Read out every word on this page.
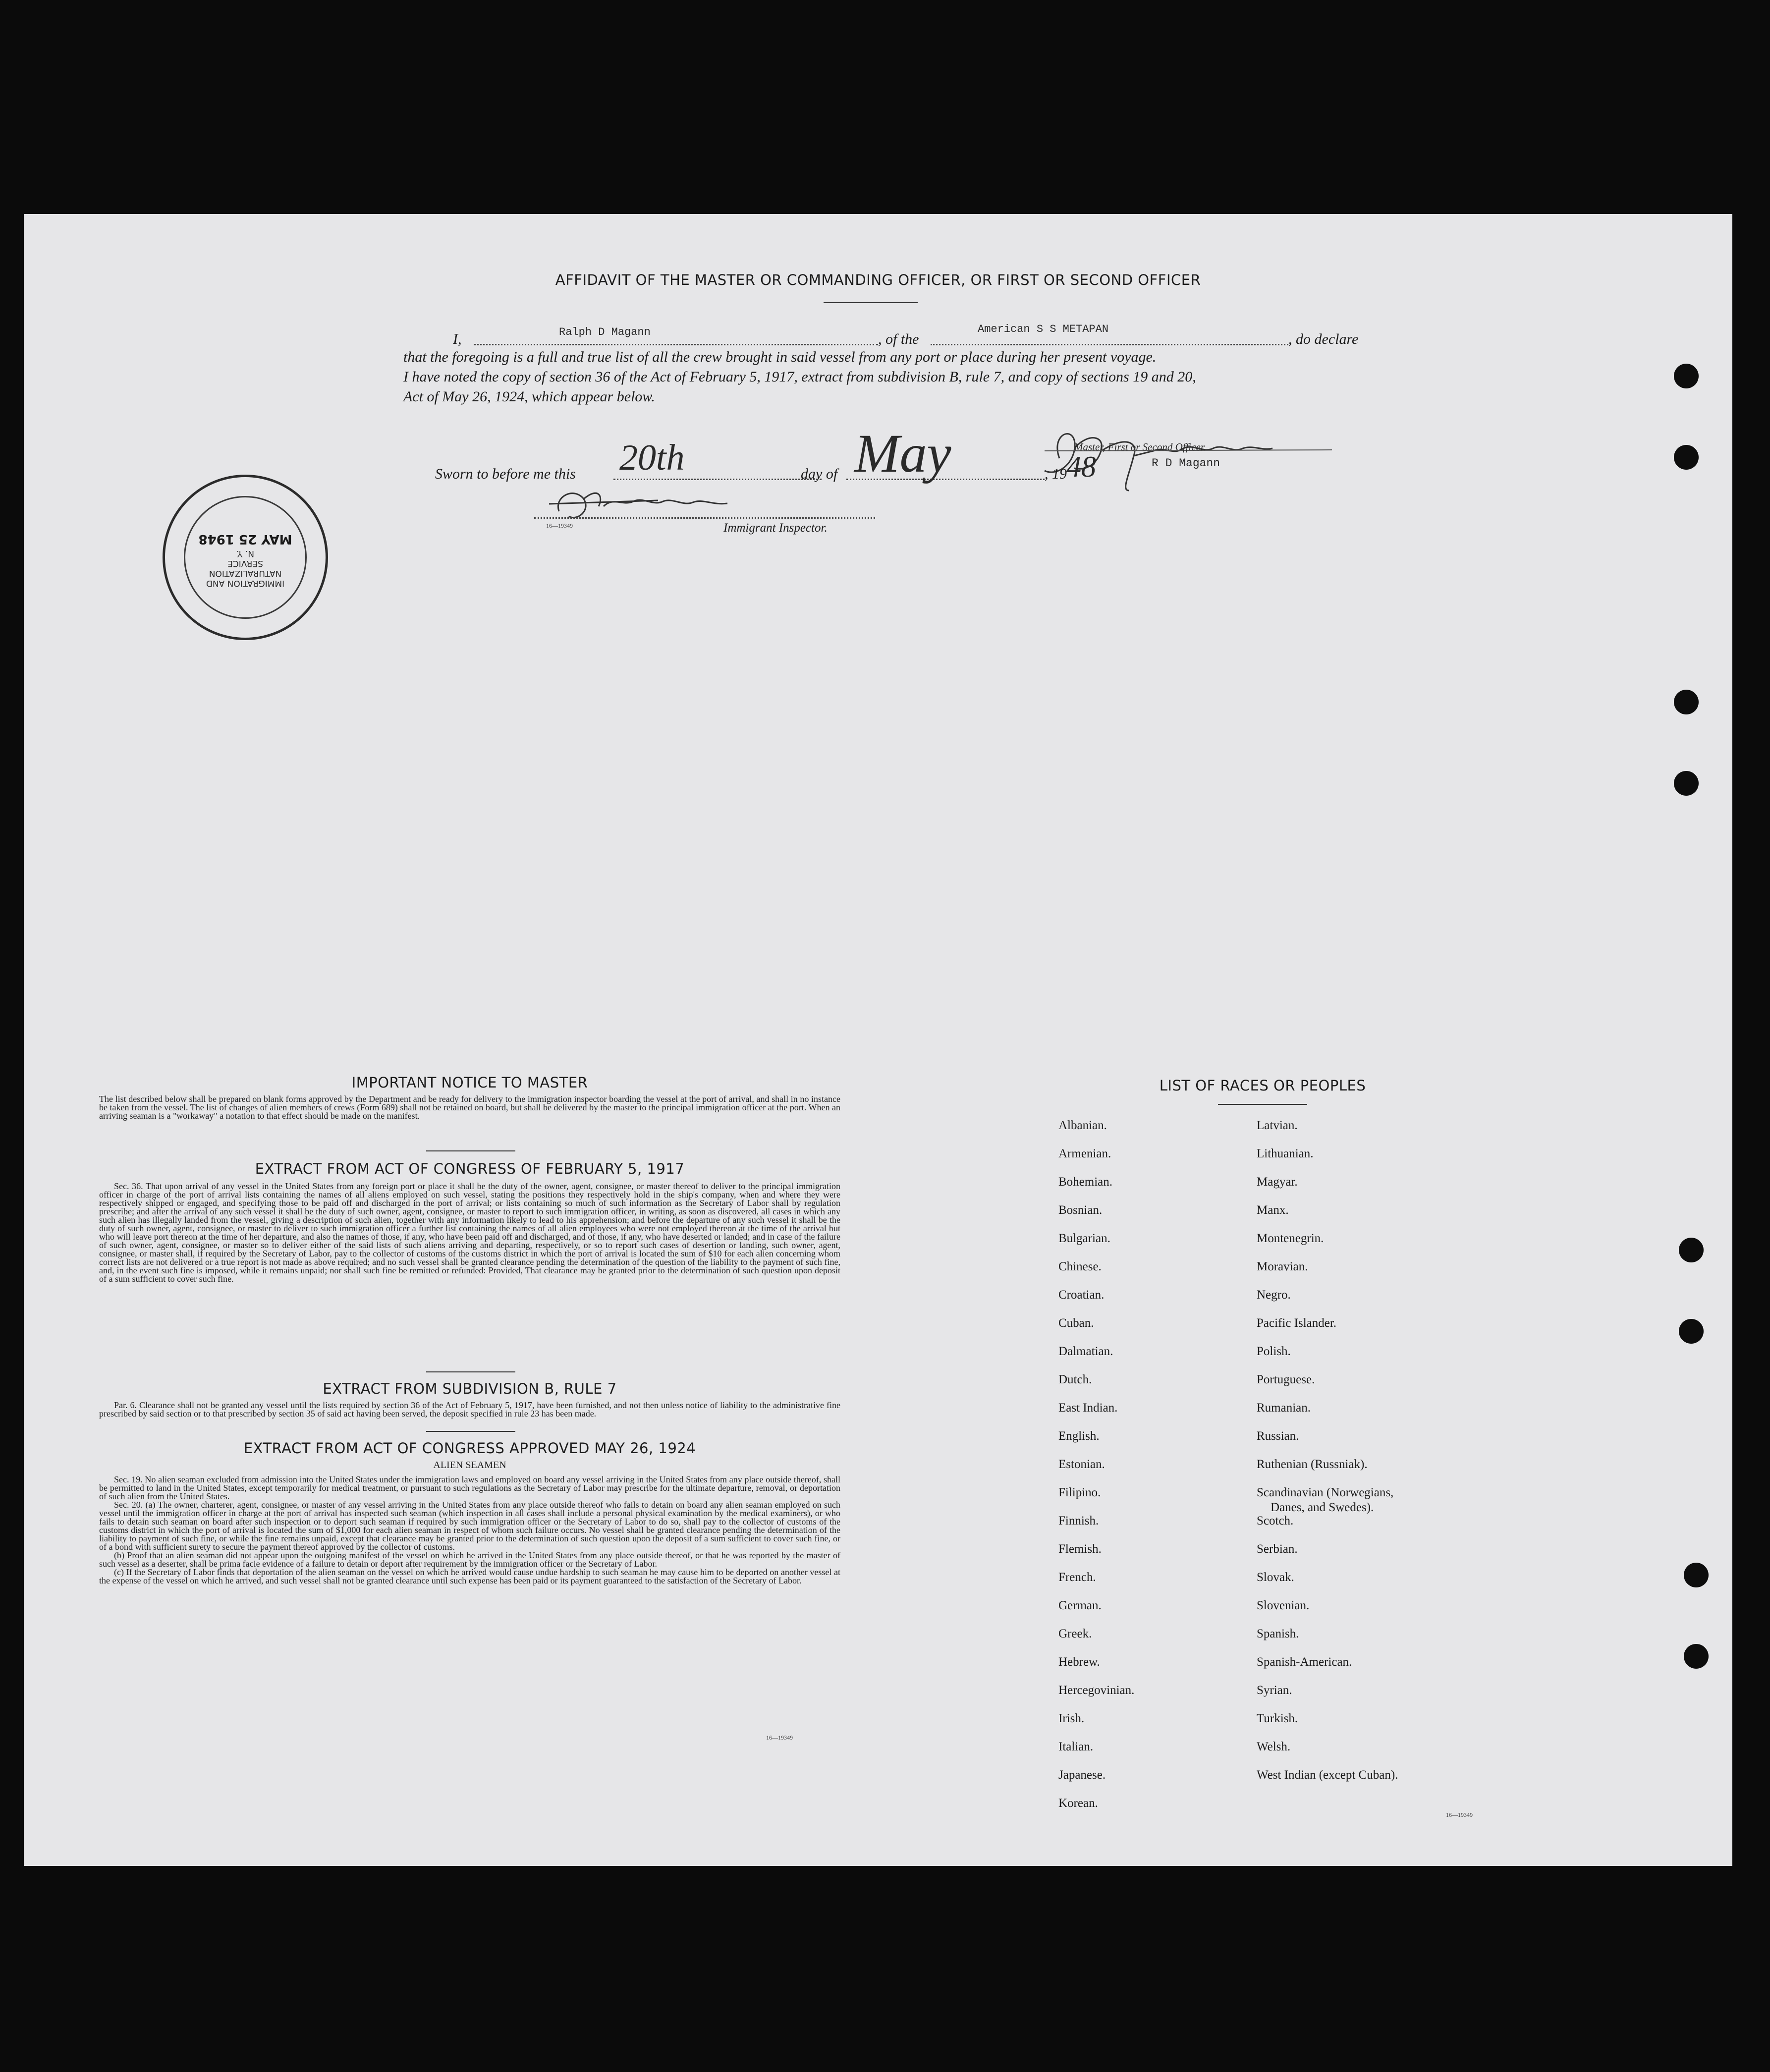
AFFIDAVIT OF THE MASTER OR COMMANDING OFFICER, OR FIRST OR SECOND OFFICER
I,	Ralph D Magann	, of the
American S S METAPAN
, do declare
that the foregoing is a full and true list of all the crew brought in said vessel from any port or place during her present voyage.
I have noted the copy of section 36 of the Act of February 5, 1917, extract from subdivision B, rule 7, and copy of sections 19 and 20,
Act of May 26, 1924, which appear below.
Master, First or Second Officer.
R D Magann
Sworn to before me this 20th	day of May	, 19 48
16—19349	Immigrant Inspector.
IMMIGRATION AND
NATURALIZATION
SERVICE
N. Y.
MAY 25 1948
IMPORTANT NOTICE TO MASTER
The list described below shall be prepared on blank forms approved by the Department and be ready for delivery to the immigration inspector boarding the vessel at the port of arrival, and shall in no instance be taken from the vessel. The list of changes of alien members of crews (Form 689) shall not be retained on board, but shall be delivered by the master to the principal immigration officer at the port. When an arriving seaman is a "workaway" a notation to that effect should be made on the manifest.
EXTRACT FROM ACT OF CONGRESS OF FEBRUARY 5, 1917
Sec. 36. That upon arrival of any vessel in the United States from any foreign port or place it shall be the duty of the owner, agent, consignee, or master thereof to deliver to the principal immigration officer in charge of the port of arrival lists containing the names of all aliens employed on such vessel, stating the positions they respectively hold in the ship's company, when and where they were respectively shipped or engaged, and specifying those to be paid off and discharged in the port of arrival; or lists containing so much of such information as the Secretary of Labor shall by regulation prescribe; and after the arrival of any such vessel it shall be the duty of such owner, agent, consignee, or master to report to such immigration officer, in writing, as soon as discovered, all cases in which any such alien has illegally landed from the vessel, giving a description of such alien, together with any information likely to lead to his apprehension; and before the departure of any such vessel it shall be the duty of such owner, agent, consignee, or master to deliver to such immigration officer a further list containing the names of all alien employees who were not employed thereon at the time of the arrival but who will leave port thereon at the time of her departure, and also the names of those, if any, who have been paid off and discharged, and of those, if any, who have deserted or landed; and in case of the failure of such owner, agent, consignee, or master so to deliver either of the said lists of such aliens arriving and departing, respectively, or so to report such cases of desertion or landing, such owner, agent, consignee, or master shall, if required by the Secretary of Labor, pay to the collector of customs of the customs district in which the port of arrival is located the sum of $10 for each alien concerning whom correct lists are not delivered or a true report is not made as above required; and no such vessel shall be granted clearance pending the determination of the question of the liability to the payment of such fine, and, in the event such fine is imposed, while it remains unpaid; nor shall such fine be remitted or refunded: Provided, That clearance may be granted prior to the determination of such question upon deposit of a sum sufficient to cover such fine.
EXTRACT FROM SUBDIVISION B, RULE 7
Par. 6. Clearance shall not be granted any vessel until the lists required by section 36 of the Act of February 5, 1917, have been furnished, and not then unless notice of liability to the administrative fine prescribed by said section or to that prescribed by section 35 of said act having been served, the deposit specified in rule 23 has been made.
EXTRACT FROM ACT OF CONGRESS APPROVED MAY 26, 1924
ALIEN SEAMEN
Sec. 19. No alien seaman excluded from admission into the United States under the immigration laws and employed on board any vessel arriving in the United States from any place outside thereof, shall be permitted to land in the United States, except temporarily for medical treatment, or pursuant to such regulations as the Secretary of Labor may prescribe for the ultimate departure, removal, or deportation of such alien from the United States.
Sec. 20. (a) The owner, charterer, agent, consignee, or master of any vessel arriving in the United States from any place outside thereof who fails to detain on board any alien seaman employed on such vessel until the immigration officer in charge at the port of arrival has inspected such seaman (which inspection in all cases shall include a personal physical examination by the medical examiners), or who fails to detain such seaman on board after such inspection or to deport such seaman if required by such immigration officer or the Secretary of Labor to do so, shall pay to the collector of customs of the customs district in which the port of arrival is located the sum of $1,000 for each alien seaman in respect of whom such failure occurs. No vessel shall be granted clearance pending the determination of the liability to payment of such fine, or while the fine remains unpaid, except that clearance may be granted prior to the determination of such question upon the deposit of a sum sufficient to cover such fine, or of a bond with sufficient surety to secure the payment thereof approved by the collector of customs.
(b) Proof that an alien seaman did not appear upon the outgoing manifest of the vessel on which he arrived in the United States from any place outside thereof, or that he was reported by the master of such vessel as a deserter, shall be prima facie evidence of a failure to detain or deport after requirement by the immigration officer or the Secretary of Labor.
(c) If the Secretary of Labor finds that deportation of the alien seaman on the vessel on which he arrived would cause undue hardship to such seaman he may cause him to be deported on another vessel at the expense of the vessel on which he arrived, and such vessel shall not be granted clearance until such expense has been paid or its payment guaranteed to the satisfaction of the Secretary of Labor.
16—19349
LIST OF RACES OR PEOPLES
16—19349
Albanian.
Armenian.
Bohemian.
Bosnian.
Bulgarian.
Chinese.
Croatian.
Cuban.
Dalmatian.
Dutch.
East Indian.
English.
Estonian.
Filipino.
Finnish.
Flemish.
French.
German.
Greek.
Hebrew.
Hercegovinian.
Irish.
Italian.
Japanese.
Korean.
Latvian.
Lithuanian.
Magyar.
Manx.
Montenegrin.
Moravian.
Negro.
Pacific Islander.
Polish.
Portuguese.
Rumanian.
Russian.
Ruthenian (Russniak).
Scandinavian (Norwegians,
Danes, and Swedes).
Scotch.
Serbian.
Slovak.
Slovenian.
Spanish.
Spanish-American.
Syrian.
Turkish.
Welsh.
West Indian (except Cuban).
